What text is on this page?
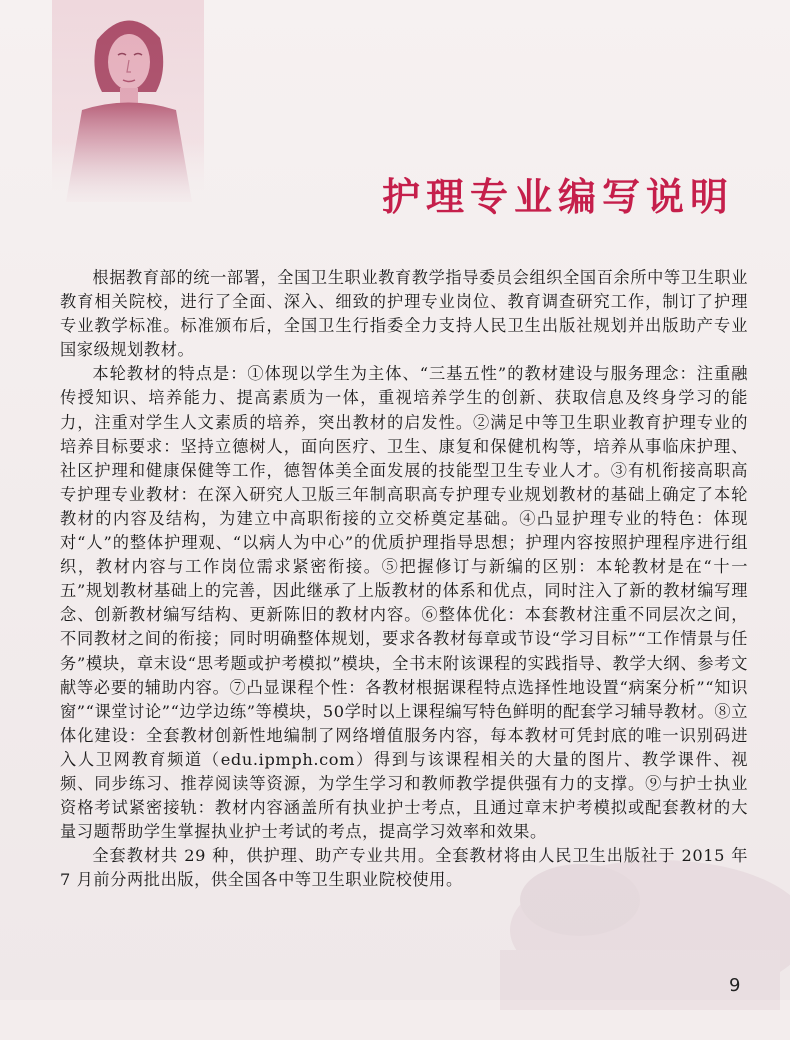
护理专业编写说明

根据教育部的统一部署，全国卫生职业教育教学指导委员会组织全国百余所中等卫生职业教育相关院校，进行了全面、深入、细致的护理专业岗位、教育调查研究工作，制订了护理专业教学标准。标准颁布后，全国卫生行指委全力支持人民卫生出版社规划并出版助产专业国家级规划教材。

本轮教材的特点是：①体现以学生为主体、“三基五性”的教材建设与服务理念：注重融传授知识、培养能力、提高素质为一体，重视培养学生的创新、获取信息及终身学习的能力，注重对学生人文素质的培养，突出教材的启发性。②满足中等卫生职业教育护理专业的培养目标要求：坚持立德树人，面向医疗、卫生、康复和保健机构等，培养从事临床护理、社区护理和健康保健等工作，德智体美全面发展的技能型卫生专业人才。③有机衔接高职高专护理专业教材：在深入研究人卫版三年制高职高专护理专业规划教材的基础上确定了本轮教材的内容及结构，为建立中高职衔接的立交桥奠定基础。④凸显护理专业的特色：体现对“人”的整体护理观、“以病人为中心”的优质护理指导思想；护理内容按照护理程序进行组织，教材内容与工作岗位需求紧密衔接。⑤把握修订与新编的区别：本轮教材是在“十一五”规划教材基础上的完善，因此继承了上版教材的体系和优点，同时注入了新的教材编写理念、创新教材编写结构、更新陈旧的教材内容。⑥整体优化：本套教材注重不同层次之间，不同教材之间的衔接；同时明确整体规划，要求各教材每章或节设“学习目标”“工作情景与任务”模块，章末设“思考题或护考模拟”模块，全书末附该课程的实践指导、教学大纲、参考文献等必要的辅助内容。⑦凸显课程个性：各教材根据课程特点选择性地设置“病案分析”“知识窗”“课堂讨论”“边学边练”等模块，50学时以上课程编写特色鲜明的配套学习辅导教材。⑧立体化建设：全套教材创新性地编制了网络增值服务内容，每本教材可凭封底的唯一识别码进入人卫网教育频道（edu.ipmph.com）得到与该课程相关的大量的图片、教学课件、视频、同步练习、推荐阅读等资源，为学生学习和教师教学提供强有力的支撑。⑨与护士执业资格考试紧密接轨：教材内容涵盖所有执业护士考点，且通过章末护考模拟或配套教材的大量习题帮助学生掌握执业护士考试的考点，提高学习效率和效果。

全套教材共 29 种，供护理、助产专业共用。全套教材将由人民卫生出版社于 2015 年 7 月前分两批出版，供全国各中等卫生职业院校使用。

9
